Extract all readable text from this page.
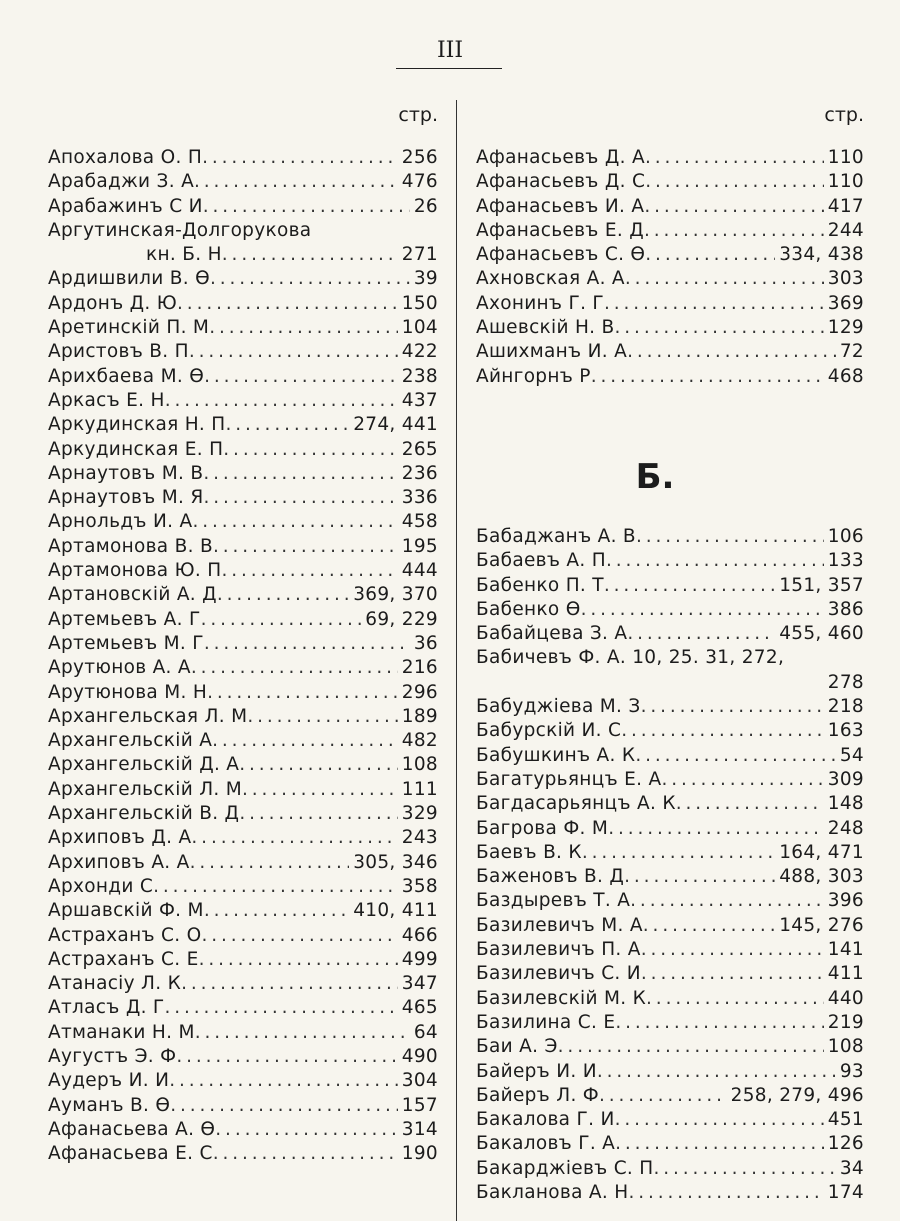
III
стр.
Апохалова О. П . . .	256
Арабаджи З. А . . .	476
Арабажинъ С И . . .	26
Аргутинская-Долгорукова
кн. Б. Н . . .	271
Ардишвили В. Ѳ . . .	39
Ардонъ Д. Ю . . .	150
Аретинскій П. М . . .	104
Аристовъ В. П . . .	422
Арихбаева М. Ѳ . . .	238
Аркасъ Е. Н . . .	437
Аркудинская Н. П . . .	274, 441
Аркудинская Е. П . . .	265
Арнаутовъ М. В . . .	236
Арнаутовъ М. Я . . .	336
Арнольдъ И. А . . .	458
Артамонова В. В . . .	195
Артамонова Ю. П . . .	444
Артановскій А. Д . . .	369, 370
Артемьевъ А. Г . . .	69, 229
Артемьевъ М. Г . . .	36
Арутюнов А. А . . .	216
Арутюнова М. Н . . .	296
Архангельская Л. М . . .	189
Архангельскій А . . .	482
Архангельскій Д. А . . .	108
Архангельскій Л. М . . .	111
Архангельскій В. Д . . .	329
Архиповъ Д. А . . .	243
Архиповъ А. А . . .	305, 346
Архонди С . . .	358
Аршавскій Ф. М . . .	410, 411
Астраханъ С. О . . .	466
Астраханъ С. Е . . .	499
Атанасіу Л. К . . .	347
Атласъ Д. Г . . .	465
Атманаки Н. М . . .	64
Аугустъ Э. Ф . . .	490
Аудеръ И. И . . .	304
Ауманъ В. Ѳ . . .	157
Афанасьева А. Ѳ . . .	314
Афанасьева Е. С . . .	190
стр.
Афанасьевъ Д. А . . .	110
Афанасьевъ Д. С . . .	110
Афанасьевъ И. А . . .	417
Афанасьевъ Е. Д . . .	244
Афанасьевъ С. Ѳ . . .	334, 438
Ахновская А. А . . .	303
Ахонинъ Г. Г . . .	369
Ашевскій Н. В . . .	129
Ашихманъ И. А . . .	72
Айнгорнъ Р . . .	468
Б.
Бабаджанъ А. В . . .	106
Бабаевъ А. П . . .	133
Бабенко П. Т . . .	151, 357
Бабенко Ѳ . . .	386
Бабайцева З. А . . .	455, 460
Бабичевъ Ф. А. 10, 25. 31, 272,
278
Бабуджіева М. З . . .	218
Бабурскій И. С . . .	163
Бабушкинъ А. К . . .	54
Багатурьянцъ Е. А . . .	309
Багдасарьянцъ А. К . . .	148
Багрова Ф. М . . .	248
Баевъ В. К . . .	164, 471
Баженовъ В. Д . . .	488, 303
Баздыревъ Т. А . . .	396
Базилевичъ М. А . . .	145, 276
Базилевичъ П. А . . .	141
Базилевичъ С. И . . .	411
Базилевскій М. К . . .	440
Базилина С. Е . . .	219
Баи А. Э . . .	108
Байеръ И. И . . .	93
Байеръ Л. Ф . . .	258, 279, 496
Бакалова Г. И . . .	451
Бакаловъ Г. А . . .	126
Бакарджіевъ С. П . . .	34
Бакланова А. Н . . .	174
